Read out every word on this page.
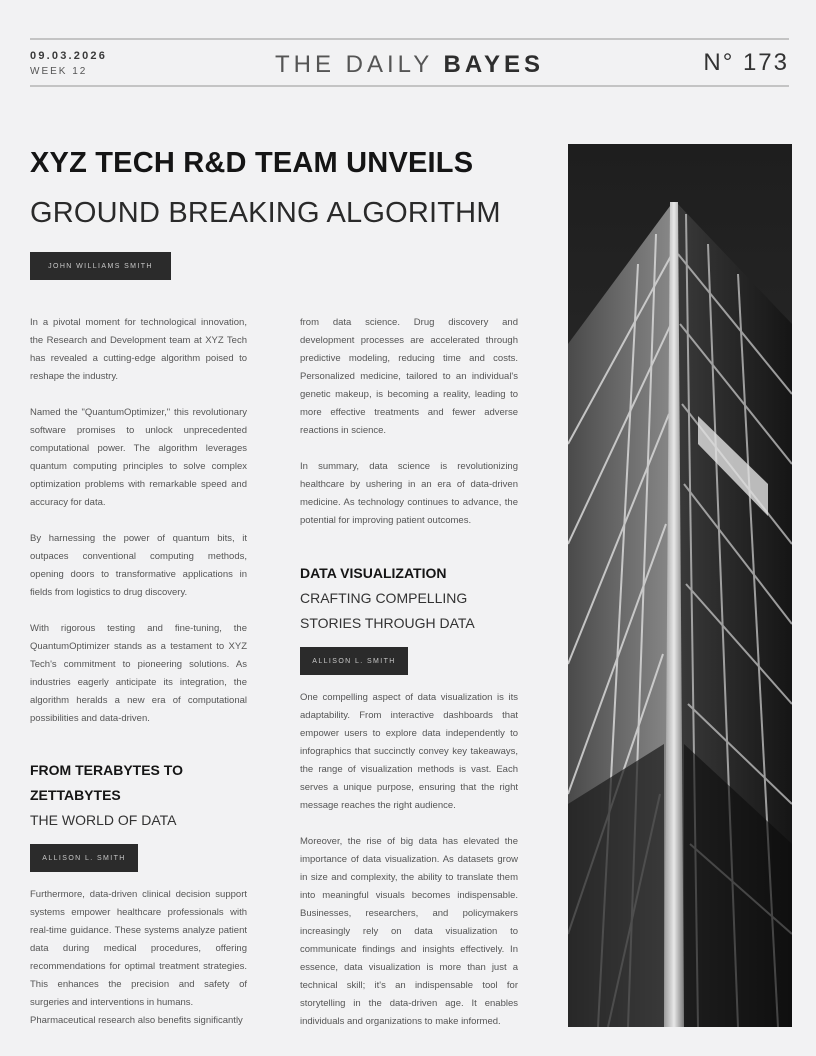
09.03.2026
WEEK 12	THE DAILY BAYES	N° 173
XYZ TECH R&D TEAM UNVEILS
GROUND BREAKING ALGORITHM
JOHN WILLIAMS SMITH

In a pivotal moment for technological innovation, the Research and Development team at XYZ Tech has revealed a cutting-edge algorithm poised to reshape the industry.

Named the "QuantumOptimizer," this revolutionary software promises to unlock unprecedented computational power. The algorithm leverages quantum computing principles to solve complex optimization problems with remarkable speed and accuracy for data.

By harnessing the power of quantum bits, it outpaces conventional computing methods, opening doors to transformative applications in fields from logistics to drug discovery.

With rigorous testing and fine-tuning, the QuantumOptimizer stands as a testament to XYZ Tech's commitment to pioneering solutions. As industries eagerly anticipate its integration, the algorithm heralds a new era of computational possibilities and data-driven.

FROM TERABYTES TO
ZETTABYTES
THE WORLD OF DATA
ALLISON L. SMITH

Furthermore, data-driven clinical decision support systems empower healthcare professionals with real-time guidance. These systems analyze patient data during medical procedures, offering recommendations for optimal treatment strategies. This enhances the precision and safety of surgeries and interventions in humans.

Pharmaceutical research also benefits significantly

from data science. Drug discovery and development processes are accelerated through predictive modeling, reducing time and costs. Personalized medicine, tailored to an individual's genetic makeup, is becoming a reality, leading to more effective treatments and fewer adverse reactions in science.

In summary, data science is revolutionizing healthcare by ushering in an era of data-driven medicine. As technology continues to advance, the potential for improving patient outcomes.

DATA VISUALIZATION
CRAFTING COMPELLING
STORIES THROUGH DATA
ALLISON L. SMITH

One compelling aspect of data visualization is its adaptability. From interactive dashboards that empower users to explore data independently to infographics that succinctly convey key takeaways, the range of visualization methods is vast. Each serves a unique purpose, ensuring that the right message reaches the right audience.

Moreover, the rise of big data has elevated the importance of data visualization. As datasets grow in size and complexity, the ability to translate them into meaningful visuals becomes indispensable. Businesses, researchers, and policymakers increasingly rely on data visualization to communicate findings and insights effectively. In essence, data visualization is more than just a technical skill; it's an indispensable tool for storytelling in the data-driven age. It enables individuals and organizations to make informed.
